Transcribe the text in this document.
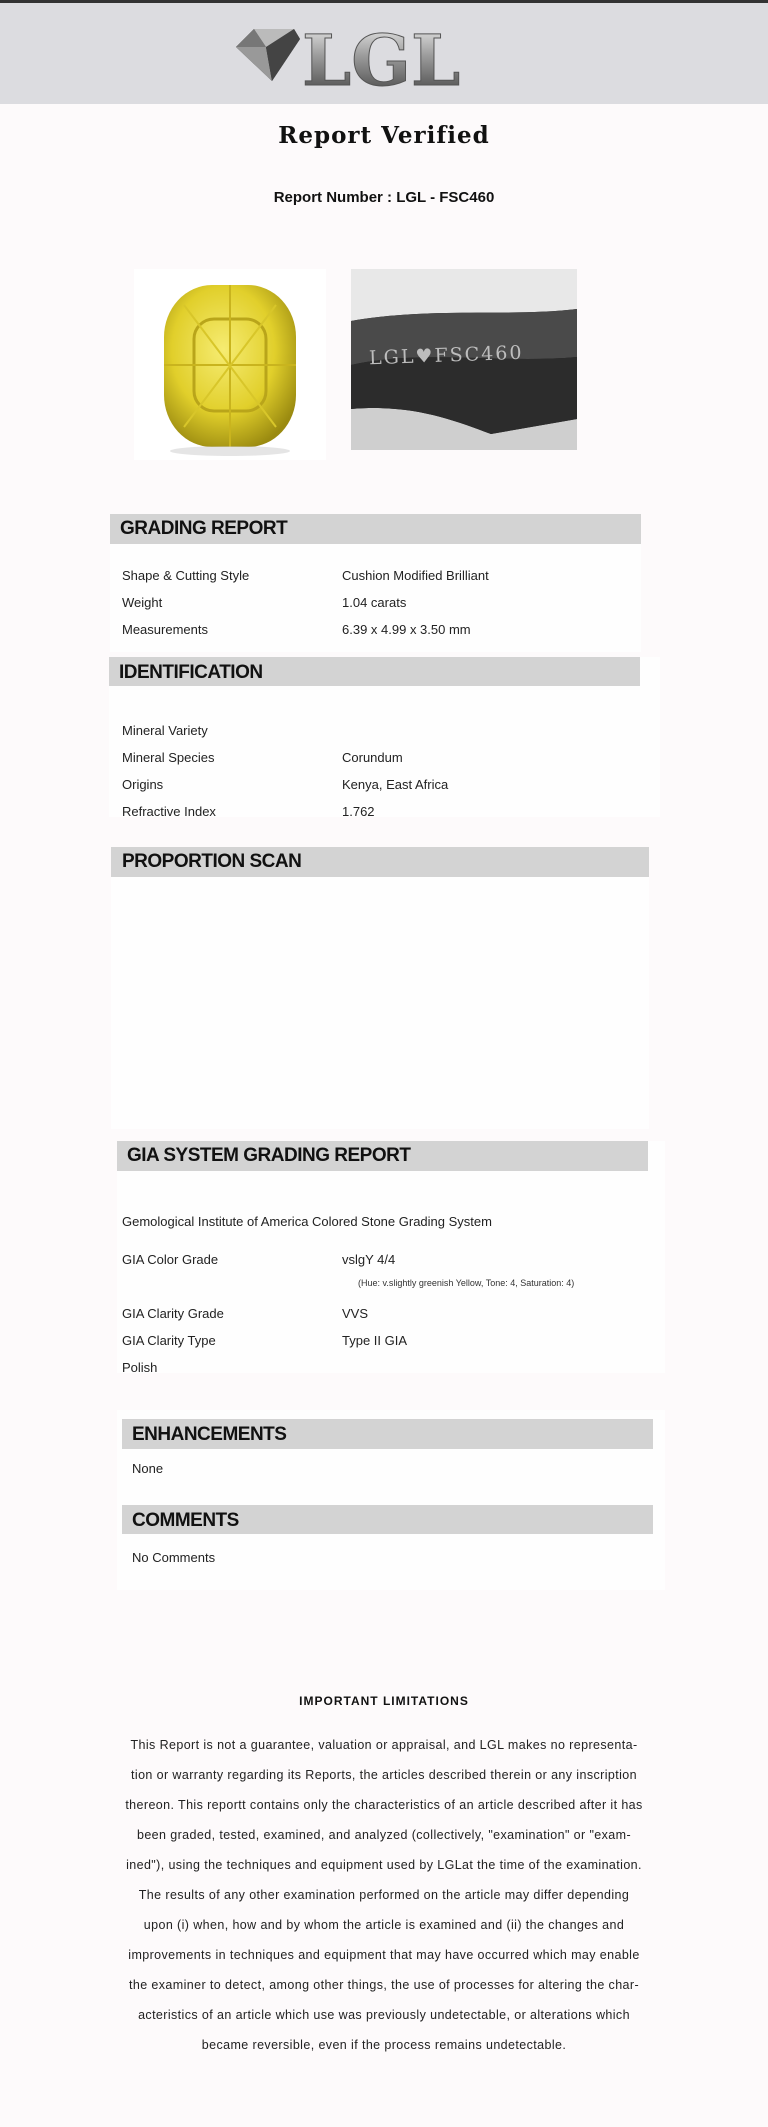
LGL
Report Verified
Report Number : LGL - FSC460
LGL♥FSC460
GRADING REPORT
Shape & Cutting Style	Cushion Modified Brilliant
Weight	1.04 carats
Measurements	6.39 x 4.99 x 3.50 mm
IDENTIFICATION
Mineral Variety
Mineral Species	Corundum
Origins	Kenya, East Africa
Refractive Index	1.762
PROPORTION SCAN
GIA SYSTEM GRADING REPORT
Gemological Institute of America Colored Stone Grading System
GIA Color Grade	vslgY 4/4
(Hue: v.slightly greenish Yellow, Tone: 4, Saturation: 4)
GIA Clarity Grade	VVS
GIA Clarity Type	Type II GIA
Polish
ENHANCEMENTS
None
COMMENTS
No Comments
IMPORTANT LIMITATIONS
This Report is not a guarantee, valuation or appraisal, and LGL makes no representa-
tion or warranty regarding its Reports, the articles described therein or any inscription
thereon. This reportt contains only the characteristics of an article described after it has
been graded, tested, examined, and analyzed (collectively, "examination" or "exam-
ined"), using the techniques and equipment used by LGLat the time of the examination.
The results of any other examination performed on the article may differ depending
upon (i) when, how and by whom the article is examined and (ii) the changes and
improvements in techniques and equipment that may have occurred which may enable
the examiner to detect, among other things, the use of processes for altering the char-
acteristics of an article which use was previously undetectable, or alterations which
became reversible, even if the process remains undetectable.
